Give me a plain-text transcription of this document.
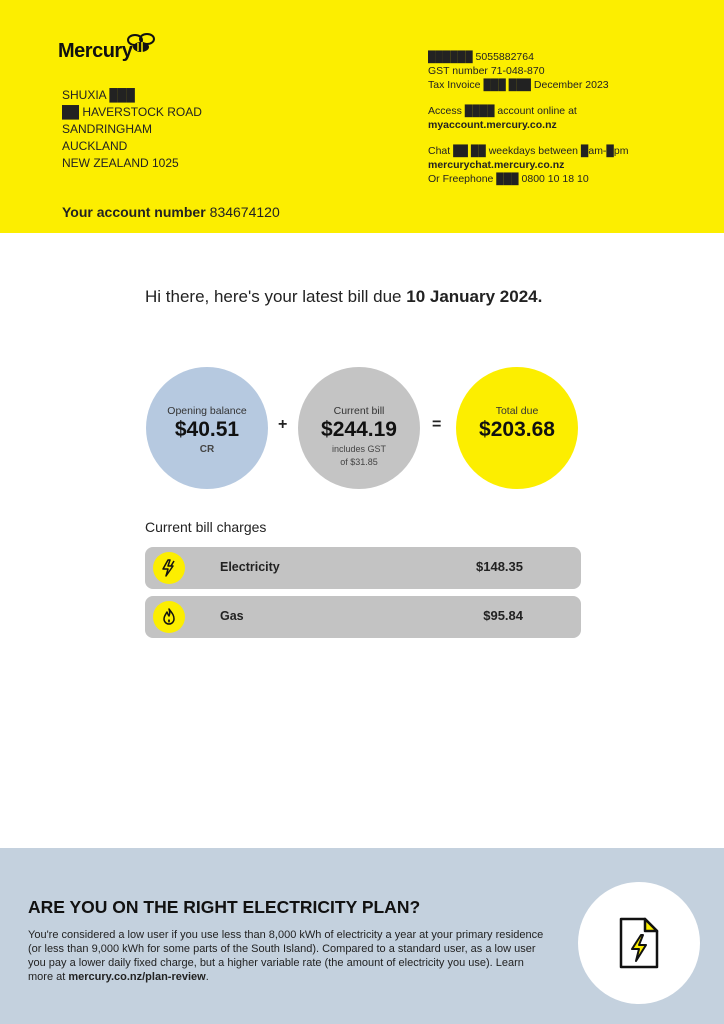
Mercury
SHUXIA ███
██ HAVERSTOCK ROAD
SANDRINGHAM
AUCKLAND
NEW ZEALAND 1025
Your account number 834674120
██████ 5055882764
GST number 71-048-870
Tax Invoice ███ ███ December 2023
Access ████ account online at
myaccount.mercury.co.nz
Chat ██ ██ weekdays between █am-█pm
mercurychat.mercury.co.nz
Or Freephone ███ 0800 10 18 10
Hi there, here's your latest bill due 10 January 2024.
Opening balance
$40.51
CR
+
Current bill
$244.19
includes GST
of $31.85
=
Total due
$203.68
Current bill charges
Electricity	$148.35
Gas	$95.84
ARE YOU ON THE RIGHT ELECTRICITY PLAN?
You're considered a low user if you use less than 8,000 kWh of electricity a year at your primary residence (or less than 9,000 kWh for some parts of the South Island). Compared to a standard user, as a low user you pay a lower daily fixed charge, but a higher variable rate (the amount of electricity you use). Learn more at mercury.co.nz/plan-review.
